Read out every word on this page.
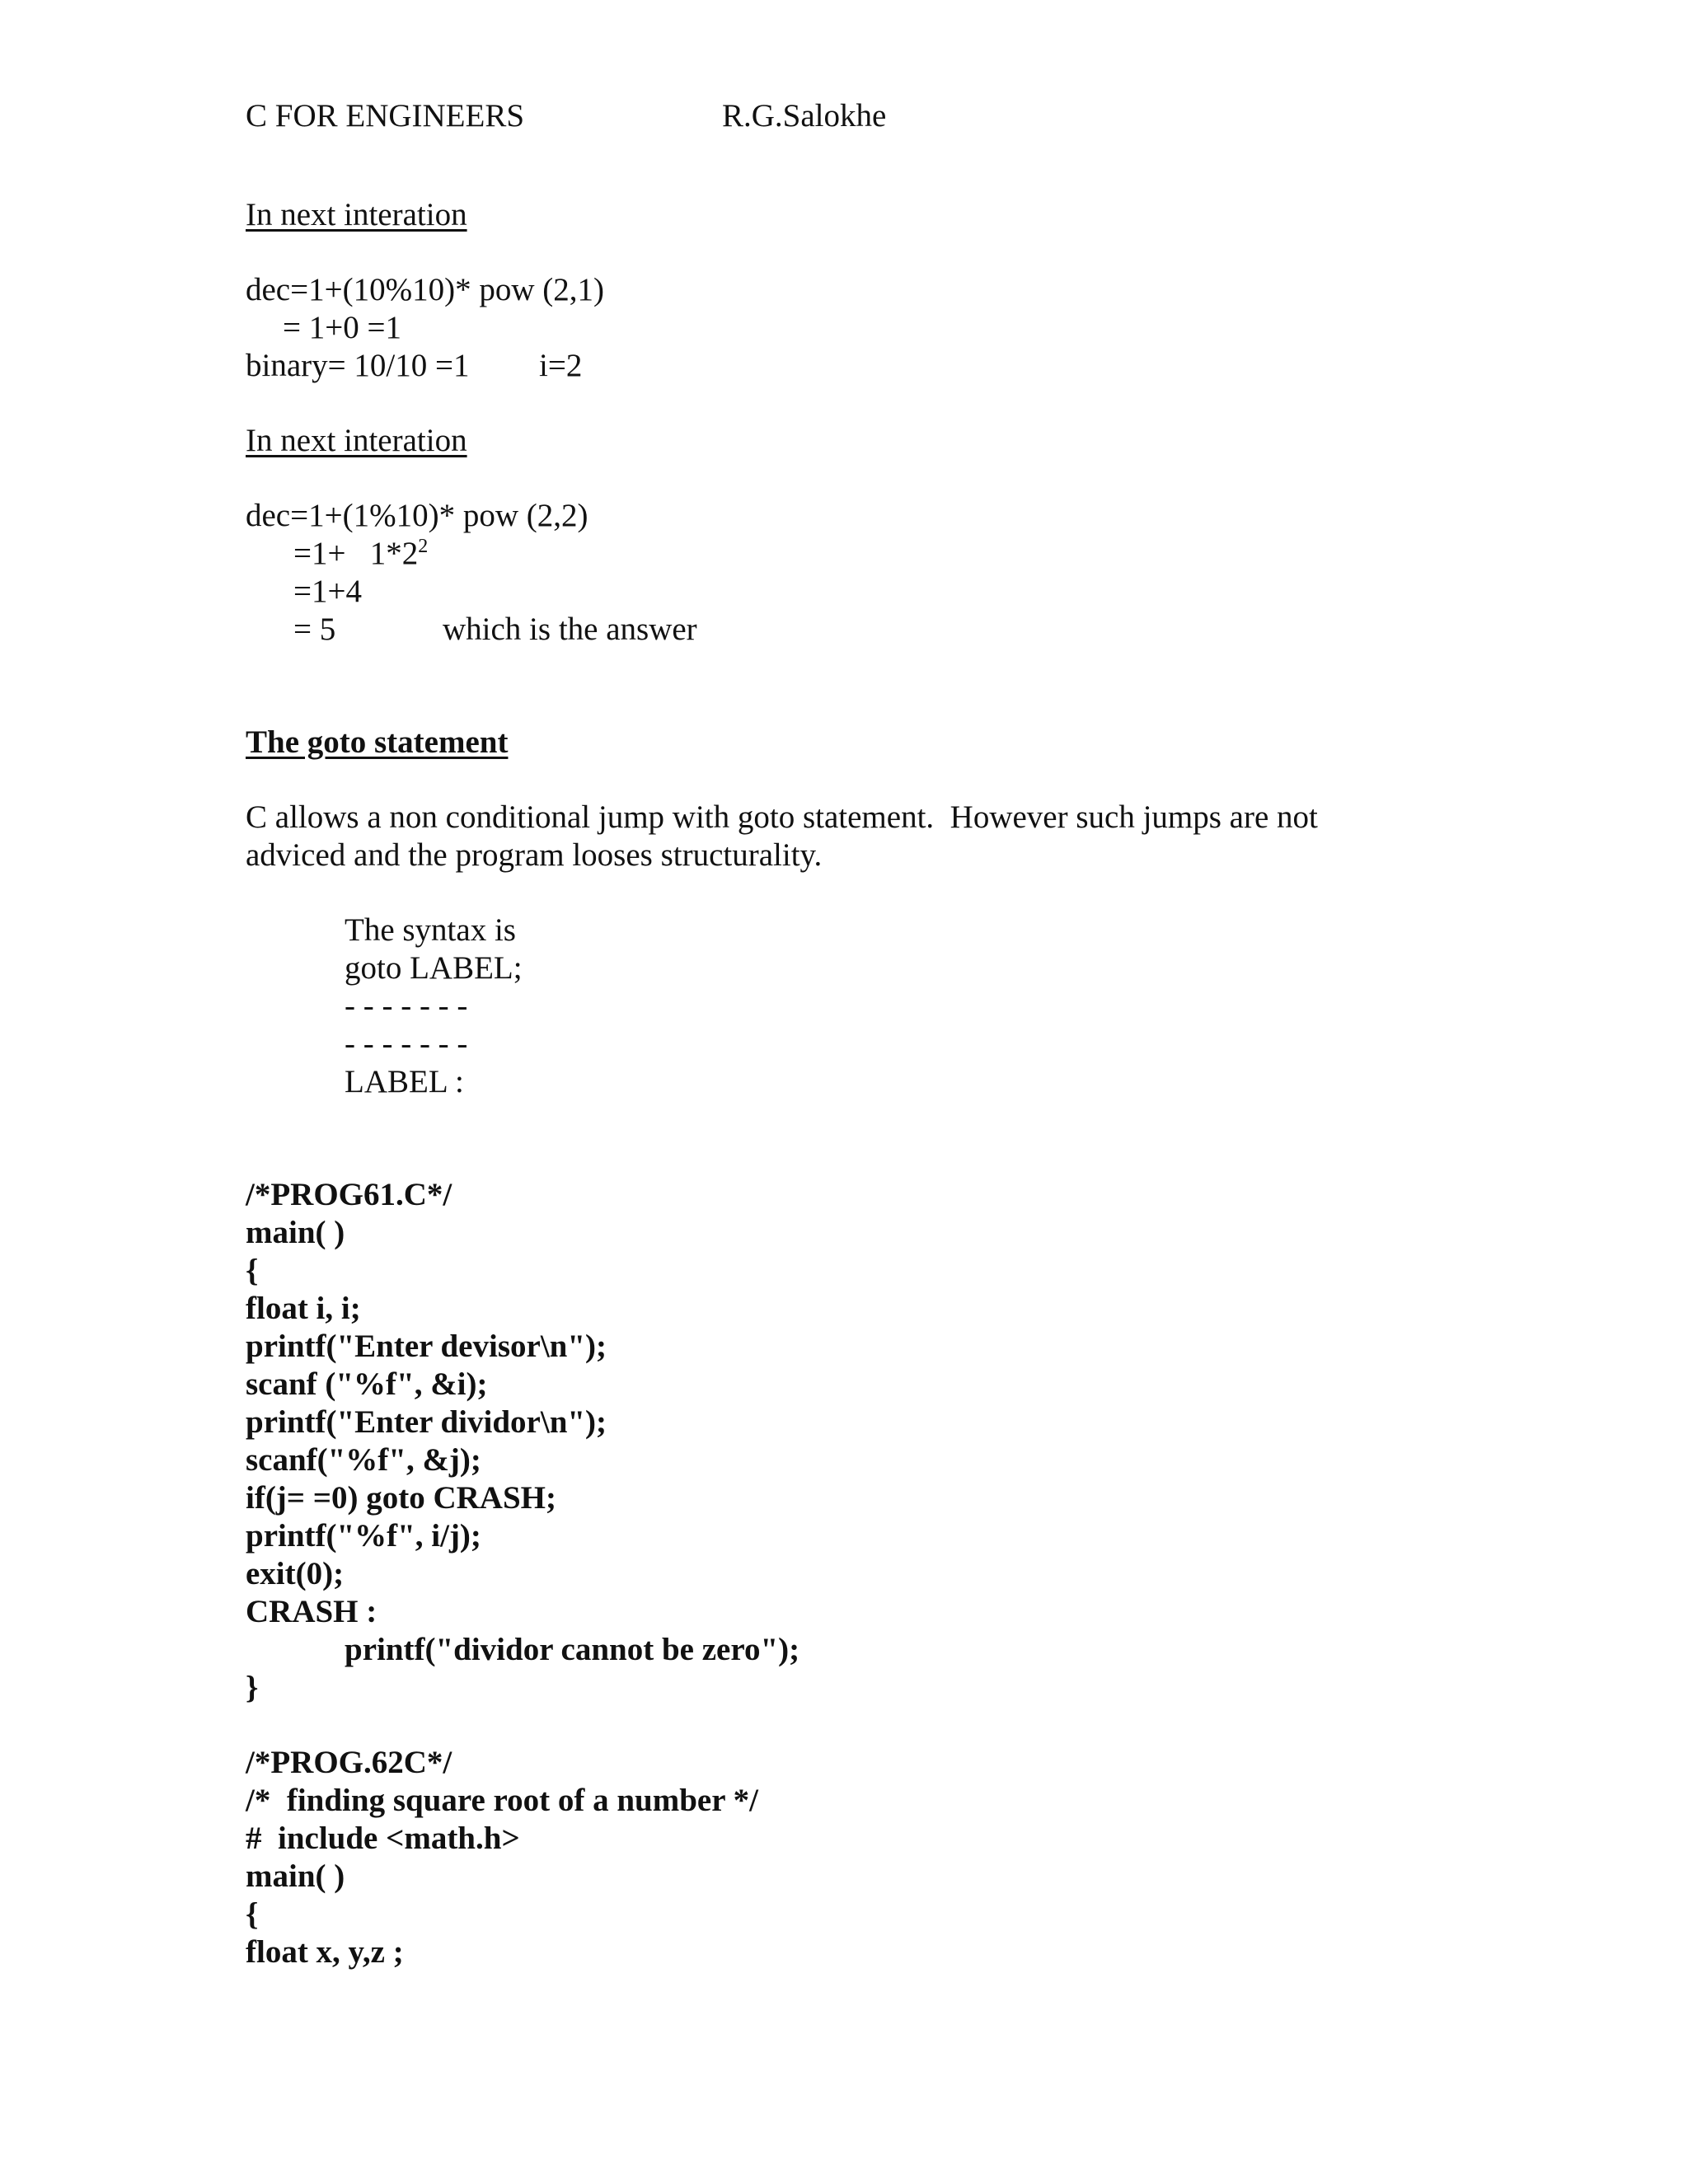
C FOR ENGINEERS	R.G.Salokhe
In next interation
dec=1+(10%10)* pow (2,1)
= 1+0 =1
binary= 10/10 =1 i=2
In next interation
dec=1+(1%10)* pow (2,2)
$=1+ 1*2^2$
=1+4
= 5	which is the answer
The goto statement
C allows a non conditional jump with goto statement.  However such jumps are not
adviced and the program looses structurality.
The syntax is
goto LABEL;
- - - - - - -
- - - - - - -
LABEL :
/*PROG61.C*/
main( )
{
float i, i;
printf("Enter devisor\n");
scanf ("%f", &i);
printf("Enter dividor\n");
scanf("%f", &j);
if(j= =0) goto CRASH;
printf("%f", i/j);
exit(0);
CRASH :
printf("dividor cannot be zero");
}
/*PROG.62C*/
/*  finding square root of a number */
#  include <math.h>
main( )
{
float x, y,z ;
